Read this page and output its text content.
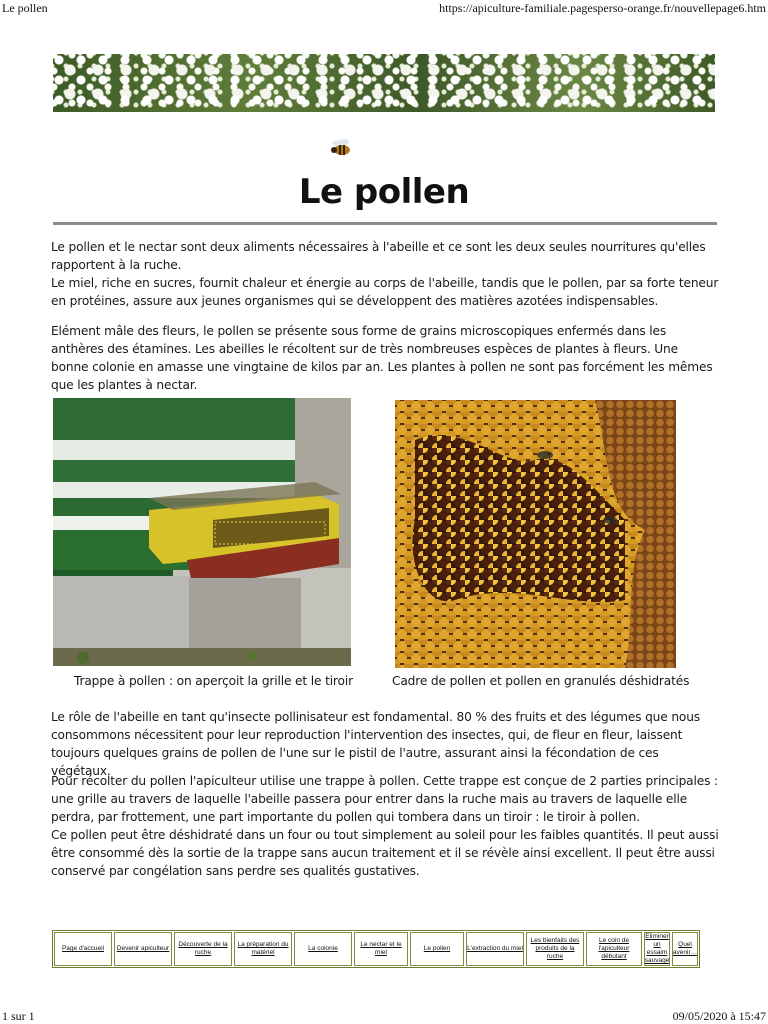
Le pollen	https://apiculture-familiale.pagesperso-orange.fr/nouvellepage6.htm
Le pollen

Le pollen et le nectar sont deux aliments nécessaires à l'abeille et ce sont les deux seules nourritures qu'elles rapportent à la ruche.

Le miel, riche en sucres, fournit chaleur et énergie au corps de l'abeille, tandis que le pollen, par sa forte teneur en protéines, assure aux jeunes organismes qui se développent des matières azotées indispensables.

Elément mâle des fleurs, le pollen se présente sous forme de grains microscopiques enfermés dans les anthères des étamines. Les abeilles le récoltent sur de très nombreuses espèces de plantes à fleurs. Une bonne colonie en amasse une vingtaine de kilos par an. Les plantes à pollen ne sont pas forcément les mêmes que les plantes à nectar.

Trappe à pollen : on aperçoit la grille et le tiroir	Cadre de pollen et pollen en granulés déshidratés

Le rôle de l'abeille en tant qu'insecte pollinisateur est fondamental. 80 % des fruits et des légumes que nous consommons nécessitent pour leur reproduction l'intervention des insectes, qui, de fleur en fleur, laissent toujours quelques grains de pollen de l'une sur le pistil de l'autre, assurant ainsi la fécondation de ces végétaux.

Pour récolter du pollen l'apiculteur utilise une trappe à pollen. Cette trappe est conçue de 2 parties principales : une grille au travers de laquelle l'abeille passera pour entrer dans la ruche mais au travers de laquelle elle perdra, par frottement, une part importante du pollen qui tombera dans un tiroir : le tiroir à pollen.

Ce pollen peut être déshidraté dans un four ou tout simplement au soleil pour les faibles quantités. Il peut aussi être consommé dès la sortie de la trappe sans aucun traitement et il se révèle ainsi excellent. Il peut être aussi conservé par congélation sans perdre ses qualités gustatives.

Page d'accueil	Devenir apiculteur
Découverte de la ruche
La préparation du matériel
La colonie
Le nectar et le miel
Le pollen	L'extraction du miel
Les bienfaits des produits de la ruche
Le coin de l'apiculteur débutant
Eliminer un essaim sauvage
Quel avenir…
1 sur 1	09/05/2020 à 15:47
